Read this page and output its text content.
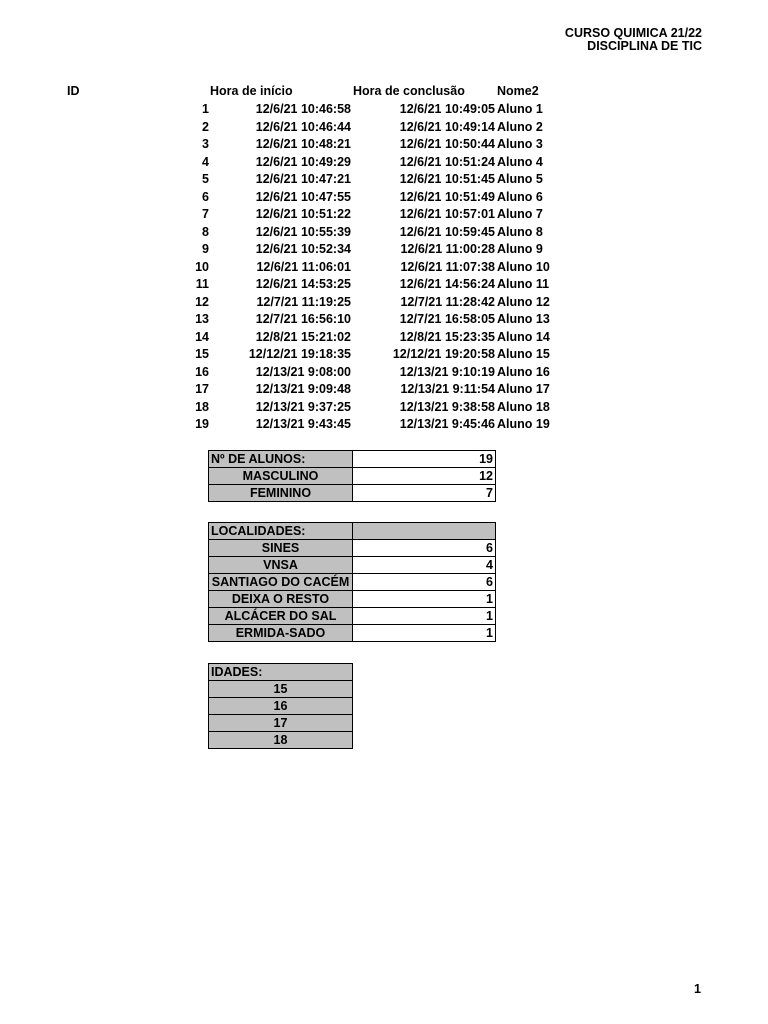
CURSO QUIMICA 21/22
DISCIPLINA DE TIC
ID	Hora de início	Hora de conclusão	Nome2
1	12/6/21 10:46:58	12/6/21 10:49:05 Aluno 1
2	12/6/21 10:46:44	12/6/21 10:49:14 Aluno 2
3	12/6/21 10:48:21	12/6/21 10:50:44 Aluno 3
4	12/6/21 10:49:29	12/6/21 10:51:24 Aluno 4
5	12/6/21 10:47:21	12/6/21 10:51:45 Aluno 5
6	12/6/21 10:47:55	12/6/21 10:51:49 Aluno 6
7	12/6/21 10:51:22	12/6/21 10:57:01 Aluno 7
8	12/6/21 10:55:39	12/6/21 10:59:45 Aluno 8
9	12/6/21 10:52:34	12/6/21 11:00:28 Aluno 9
10	12/6/21 11:06:01	12/6/21 11:07:38 Aluno 10
11	12/6/21 14:53:25	12/6/21 14:56:24 Aluno 11
12	12/7/21 11:19:25	12/7/21 11:28:42 Aluno 12
13	12/7/21 16:56:10	12/7/21 16:58:05 Aluno 13
14	12/8/21 15:21:02	12/8/21 15:23:35 Aluno 14
15	12/12/21 19:18:35	12/12/21 19:20:58 Aluno 15
16	12/13/21 9:08:00	12/13/21 9:10:19 Aluno 16
17	12/13/21 9:09:48	12/13/21 9:11:54 Aluno 17
18	12/13/21 9:37:25	12/13/21 9:38:58 Aluno 18
19	12/13/21 9:43:45	12/13/21 9:45:46 Aluno 19
Nº DE ALUNOS:	19
MASCULINO	12
FEMININO	7
LOCALIDADES:	
SINES	6
VNSA	4
SANTIAGO DO CACÉM	6
DEIXA O RESTO	1
ALCÁCER DO SAL	1
ERMIDA-SADO	1
IDADES:
15
16
17
18
1
